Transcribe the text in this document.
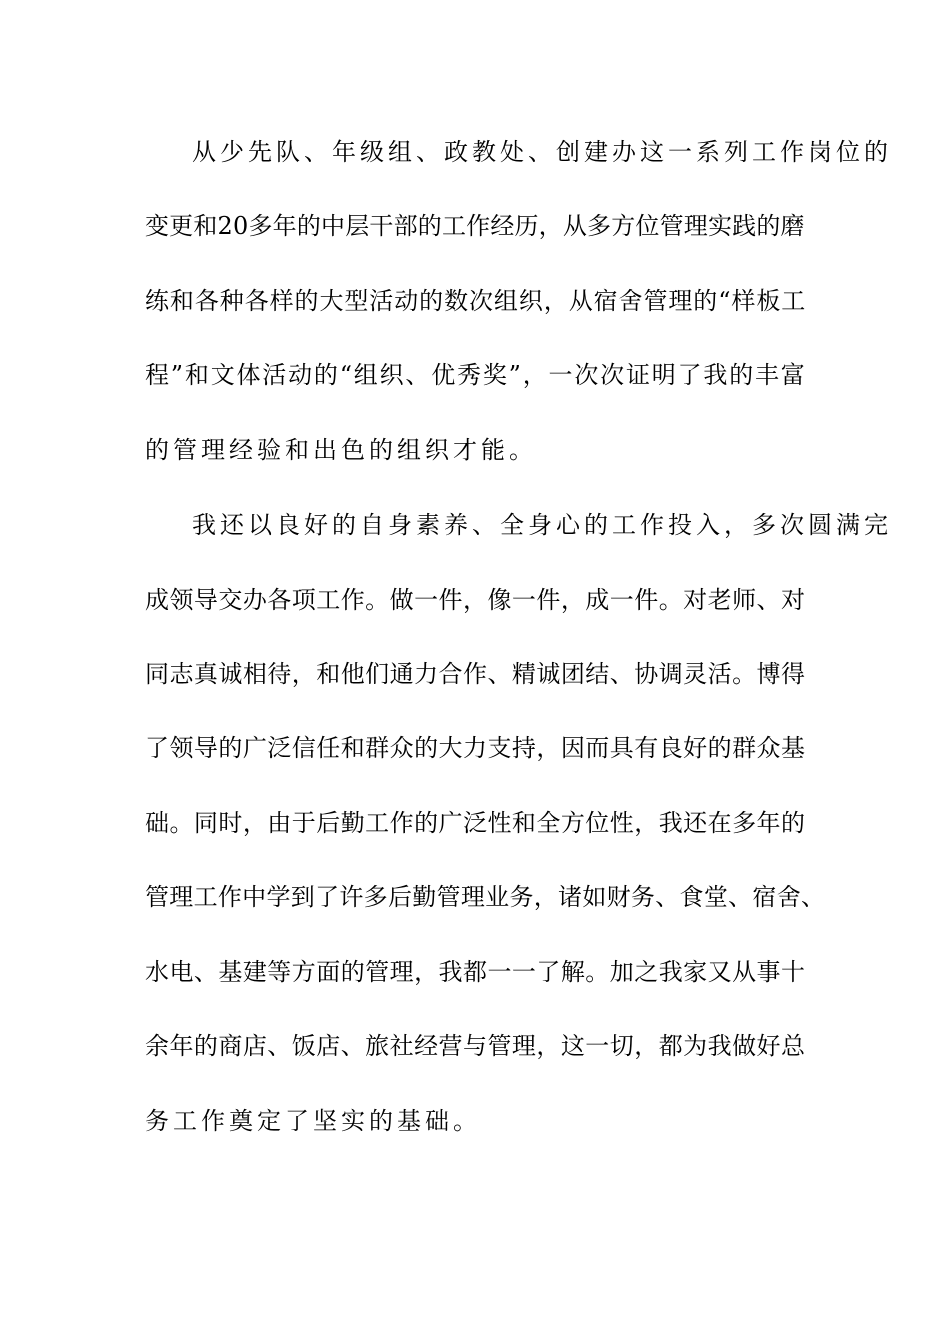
从少先队、年级组、政教处、创建办这一系列工作岗位的
变更和20多年的中层干部的工作经历，从多方位管理实践的磨
练和各种各样的大型活动的数次组织，从宿舍管理的“样板工
程”和文体活动的“组织、优秀奖”，一次次证明了我的丰富
的管理经验和出色的组织才能。
我还以良好的自身素养、全身心的工作投入，多次圆满完
成领导交办各项工作。做一件，像一件，成一件。对老师、对
同志真诚相待，和他们通力合作、精诚团结、协调灵活。博得
了领导的广泛信任和群众的大力支持，因而具有良好的群众基
础。同时，由于后勤工作的广泛性和全方位性，我还在多年的
管理工作中学到了许多后勤管理业务，诸如财务、食堂、宿舍、
水电、基建等方面的管理，我都一一了解。加之我家又从事十
余年的商店、饭店、旅社经营与管理，这一切，都为我做好总
务工作奠定了坚实的基础。
